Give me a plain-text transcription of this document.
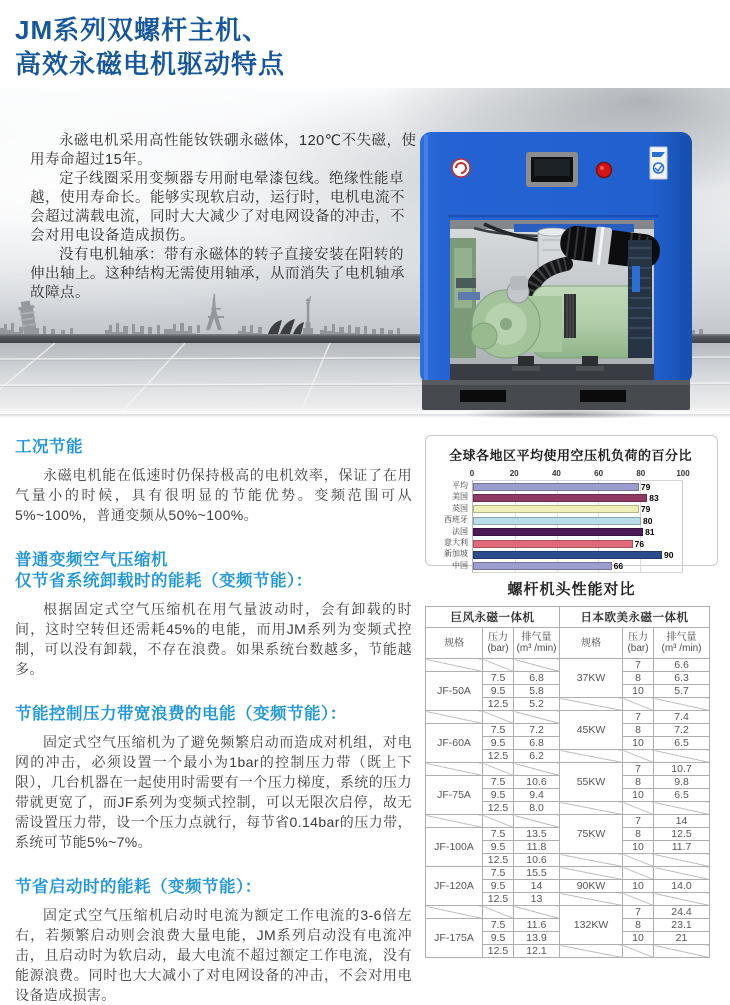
JM系列双螺杆主机、
高效永磁电机驱动特点

永磁电机采用高性能钕铁硼永磁体，120℃不失磁，使用寿命超过15年。

定子线圈采用变频器专用耐电晕漆包线。绝缘性能卓越，使用寿命长。能够实现软启动，运行时，电机电流不会超过满载电流，同时大大减少了对电网设备的冲击，不会对用电设备造成损伤。

没有电机轴承：带有永磁体的转子直接安装在阳转的伸出轴上。这种结构无需使用轴承，从而消失了电机轴承故障点。

工况节能

永磁电机能在低速时仍保持极高的电机效率，保证了在用气量小的时候，具有很明显的节能优势。变频范围可从5%~100%，普通变频从50%~100%。

普通变频空气压缩机
仅节省系统卸载时的能耗（变频节能）：

根据固定式空气压缩机在用气量波动时，会有卸载的时间，这时空转但还需耗45%的电能，而用JM系列为变频式控制，可以没有卸载，不存在浪费。如果系统台数越多，节能越多。

节能控制压力带宽浪费的电能（变频节能）：

固定式空气压缩机为了避免频繁启动而造成对机组，对电网的冲击，必须设置一个最小为1bar的控制压力带（既上下限），几台机器在一起使用时需要有一个压力梯度，系统的压力带就更宽了，而JF系列为变频式控制，可以无限次启停，故无需设置压力带，设一个压力点就行，每节省0.14bar的压力带，系统可节能5%~7%。

节省启动时的能耗（变频节能）：

固定式空气压缩机启动时电流为额定工作电流的3-6倍左右，若频繁启动则会浪费大量电能，JM系列启动没有电流冲击，且启动时为软启动，最大电流不超过额定工作电流，没有能源浪费。同时也大大减小了对电网设备的冲击，不会对用电设备造成损害。

全球各地区平均使用空压机负荷的百分比
0	20	40	60	80	100
平均
美国
英国
西班牙
法国
意大利
新加坡
中国
79
83
79
80
81
76
90
66
螺杆机头性能对比
巨风永磁一体机			日本欧美永磁一体机		
规格	压力
(bar)

排气量
(m³ /min)	规格	压力
(bar)

排气量
(m³ /min)

			37KW	7	6.6
JF-50A	7.5	6.8		8	6.3
	9.5	5.8		10	5.7
	12.5	5.2			
			45KW	7	7.4
JF-60A	7.5	7.2		8	7.2
	9.5	6.8		10	6.5
	12.5	6.2			
			55KW	7	10.7
JF-75A	7.5	10.6		8	9.8
	9.5	9.4		10	6.5
	12.5	8.0			
			75KW	7	14
JF-100A	7.5	13.5		8	12.5
	9.5	11.8		10	11.7
	12.5	10.6			
JF-120A	7.5	15.5			
	9.5	14	90KW	10	14.0
	12.5	13			
			132KW	7	24.4
JF-175A	7.5	11.6		8	23.1
	9.5	13.9		10	21
	12.5	12.1			
